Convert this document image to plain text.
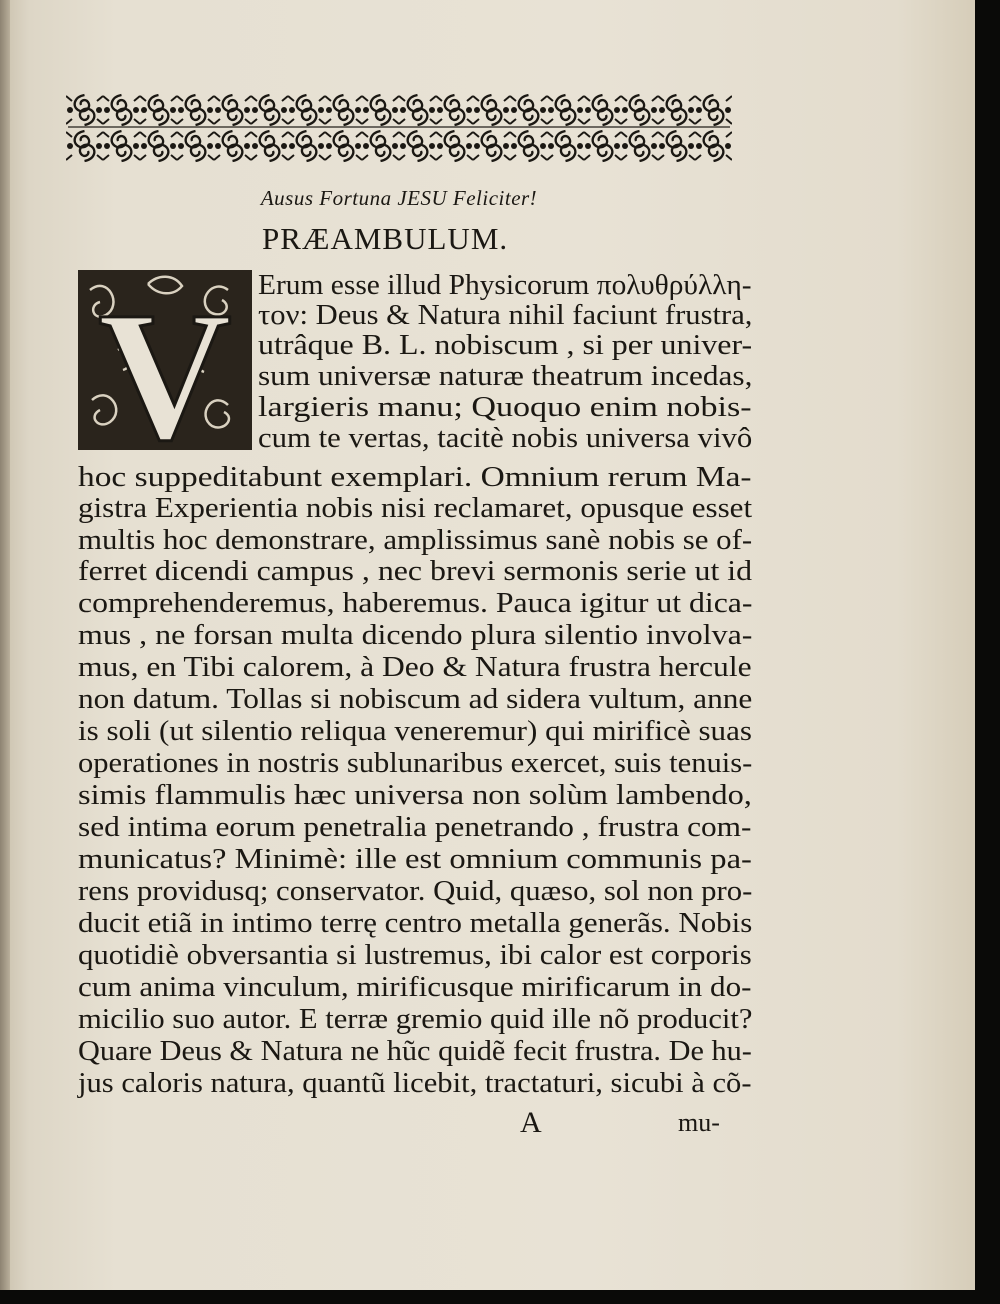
Ausus Fortuna JESU Feliciter!
PRÆAMBULUM.
V Erum esse illud Physicorum πολυθρύλλη-
τον: Deus & Natura nihil faciunt frustra,
utrâque B. L. nobiscum , si per univer-
sum universæ naturæ theatrum incedas,
largieris manu; Quoquo enim nobis-
cum te vertas, tacitè nobis universa vivô
hoc suppeditabunt exemplari. Omnium rerum Ma-
gistra Experientia nobis nisi reclamaret, opusque esset
multis hoc demonstrare, amplissimus sanè nobis se of-
ferret dicendi campus , nec brevi sermonis serie ut id
comprehenderemus, haberemus. Pauca igitur ut dica-
mus , ne forsan multa dicendo plura silentio involva-
mus, en Tibi calorem, à Deo & Natura frustra hercule
non datum. Tollas si nobiscum ad sidera vultum, anne
is soli (ut silentio reliqua veneremur) qui mirificè suas
operationes in nostris sublunaribus exercet, suis tenuis-
simis flammulis hæc universa non solùm lambendo,
sed intima eorum penetralia penetrando , frustra com-
municatus? Minimè: ille est omnium communis pa-
rens providusq; conservator. Quid, quæso, sol non pro-
ducit etiã in intimo terrę centro metalla generãs. Nobis
quotidiè obversantia si lustremus, ibi calor est corporis
cum anima vinculum, mirificusque mirificarum in do-
micilio suo autor. E terræ gremio quid ille nõ producit?
Quare Deus & Natura ne hũc quidẽ fecit frustra. De hu-
jus caloris natura, quantũ licebit, tractaturi, sicubi à cõ-
A	mu-
